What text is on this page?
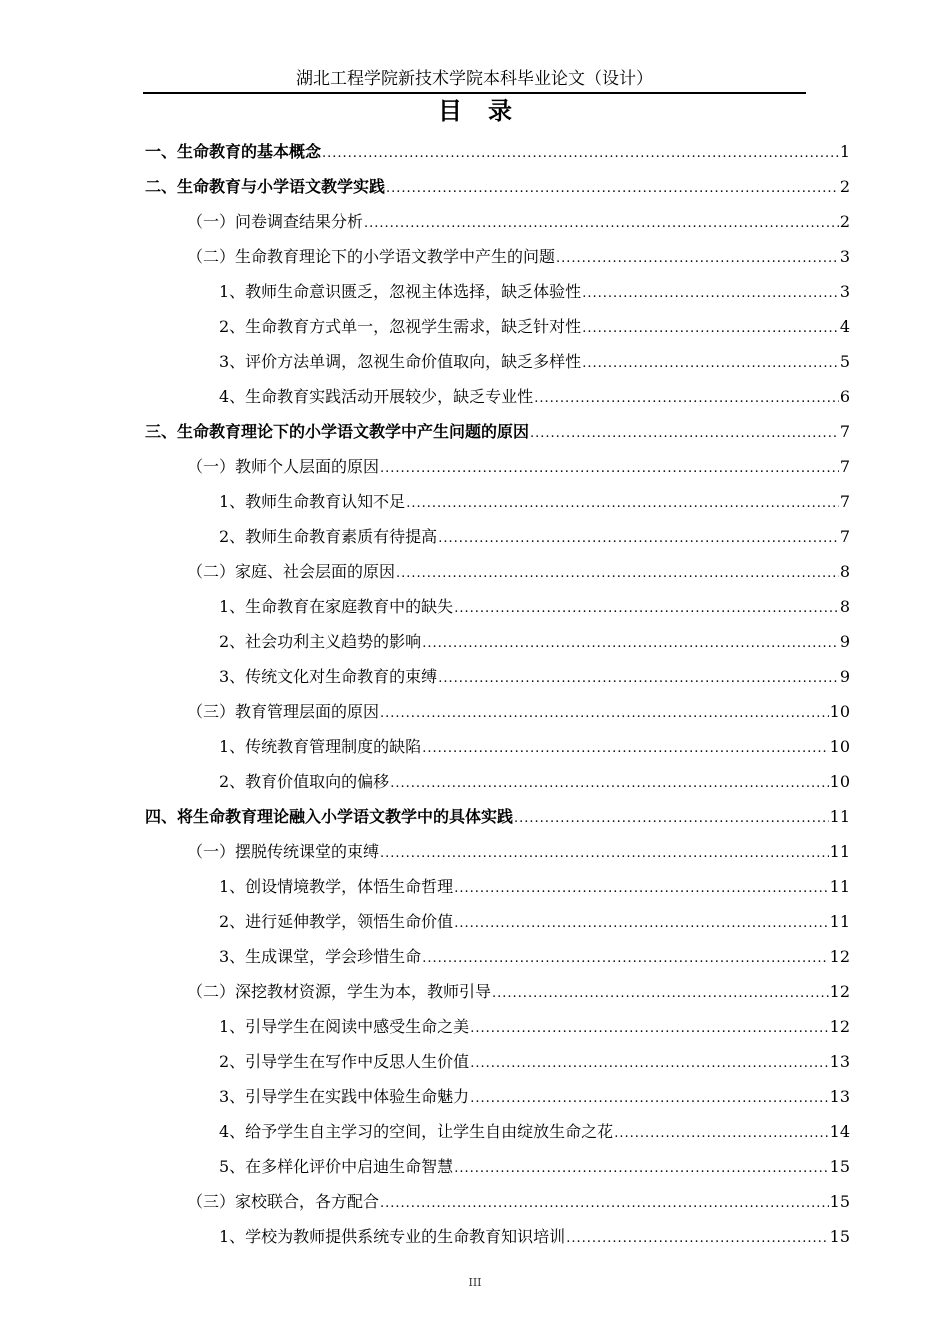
湖北工程学院新技术学院本科毕业论文（设计）
目录
一、生命教育的基本概念 .....	1
二、生命教育与小学语文教学实践 .....	2
（一）问卷调查结果分析 .....	2
（二）生命教育理论下的小学语文教学中产生的问题 .....	3
1、教师生命意识匮乏，忽视主体选择，缺乏体验性 .....	3
2、生命教育方式单一，忽视学生需求，缺乏针对性 .....	4
3、评价方法单调，忽视生命价值取向，缺乏多样性 .....	5
4、生命教育实践活动开展较少，缺乏专业性 .....	6
三、生命教育理论下的小学语文教学中产生问题的原因 .....	7
（一）教师个人层面的原因 .....	7
1、教师生命教育认知不足 .....	7
2、教师生命教育素质有待提高 .....	7
（二）家庭、社会层面的原因 .....	8
1、生命教育在家庭教育中的缺失 .....	8
2、社会功利主义趋势的影响 .....	9
3、传统文化对生命教育的束缚 .....	9
（三）教育管理层面的原因 .....	10
1、传统教育管理制度的缺陷 .....	10
2、教育价值取向的偏移 .....	10
四、将生命教育理论融入小学语文教学中的具体实践 .....	11
（一）摆脱传统课堂的束缚 .....	11
1、创设情境教学，体悟生命哲理 .....	11
2、进行延伸教学，领悟生命价值 .....	11
3、生成课堂，学会珍惜生命 .....	12
（二）深挖教材资源，学生为本，教师引导 .....	12
1、引导学生在阅读中感受生命之美 .....	12
2、引导学生在写作中反思人生价值 .....	13
3、引导学生在实践中体验生命魅力 .....	13
4、给予学生自主学习的空间，让学生自由绽放生命之花 .....	14
5、在多样化评价中启迪生命智慧 .....	15
（三）家校联合，各方配合 .....	15
1、学校为教师提供系统专业的生命教育知识培训 .....	15
III
